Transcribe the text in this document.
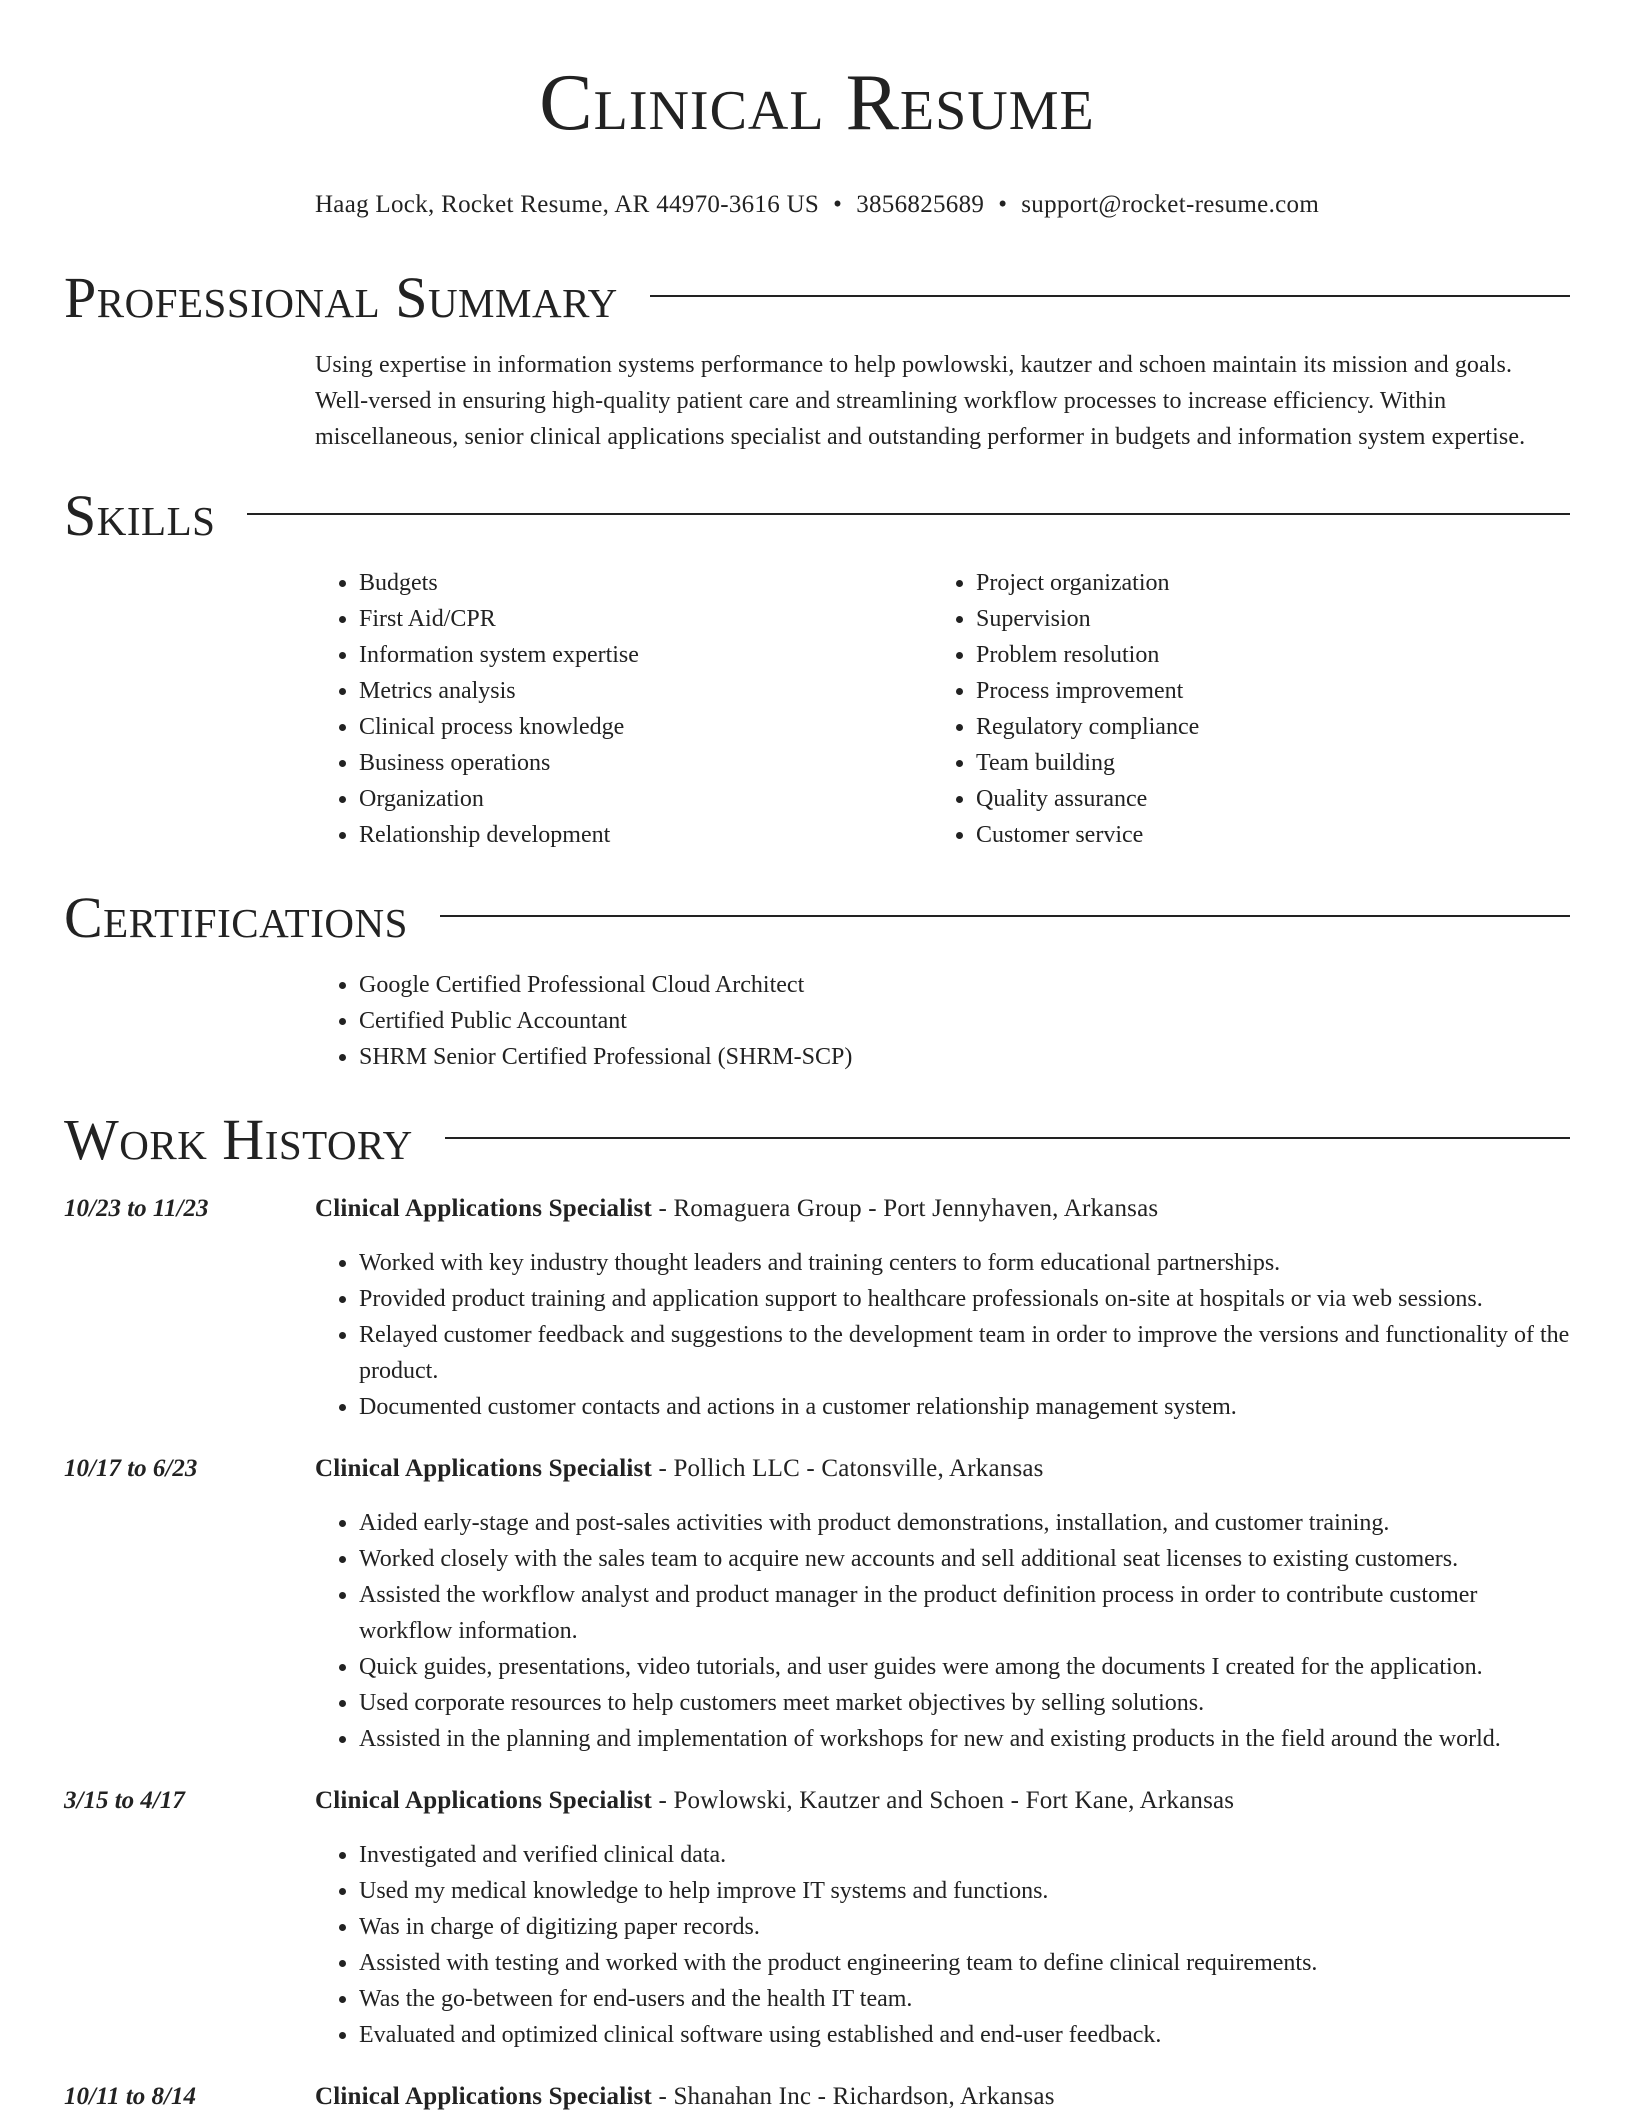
Clinical Resume
Haag Lock, Rocket Resume, AR 44970-3616 US • 3856825689 • support@rocket-resume.com
Professional Summary
Using expertise in information systems performance to help powlowski, kautzer and schoen maintain its mission and goals. Well-versed in ensuring high-quality patient care and streamlining workflow processes to increase efficiency. Within miscellaneous, senior clinical applications specialist and outstanding performer in budgets and information system expertise.
Skills
• Budgets
• First Aid/CPR
• Information system expertise
• Metrics analysis
• Clinical process knowledge
• Business operations
• Organization
• Relationship development
• Project organization
• Supervision
• Problem resolution
• Process improvement
• Regulatory compliance
• Team building
• Quality assurance
• Customer service
Certifications
• Google Certified Professional Cloud Architect
• Certified Public Accountant
• SHRM Senior Certified Professional (SHRM-SCP)
Work History
10/23 to 11/23	Clinical Applications Specialist - Romaguera Group - Port Jennyhaven, Arkansas
• Worked with key industry thought leaders and training centers to form educational partnerships.
• Provided product training and application support to healthcare professionals on-site at hospitals or via web sessions.
• Relayed customer feedback and suggestions to the development team in order to improve the versions and functionality of the product.
• Documented customer contacts and actions in a customer relationship management system.
10/17 to 6/23	Clinical Applications Specialist - Pollich LLC - Catonsville, Arkansas
• Aided early-stage and post-sales activities with product demonstrations, installation, and customer training.
• Worked closely with the sales team to acquire new accounts and sell additional seat licenses to existing customers.
• Assisted the workflow analyst and product manager in the product definition process in order to contribute customer workflow information.
• Quick guides, presentations, video tutorials, and user guides were among the documents I created for the application.
• Used corporate resources to help customers meet market objectives by selling solutions.
• Assisted in the planning and implementation of workshops for new and existing products in the field around the world.
3/15 to 4/17	Clinical Applications Specialist - Powlowski, Kautzer and Schoen - Fort Kane, Arkansas
• Investigated and verified clinical data.
• Used my medical knowledge to help improve IT systems and functions.
• Was in charge of digitizing paper records.
• Assisted with testing and worked with the product engineering team to define clinical requirements.
• Was the go-between for end-users and the health IT team.
• Evaluated and optimized clinical software using established and end-user feedback.
10/11 to 8/14	Clinical Applications Specialist - Shanahan Inc - Richardson, Arkansas
